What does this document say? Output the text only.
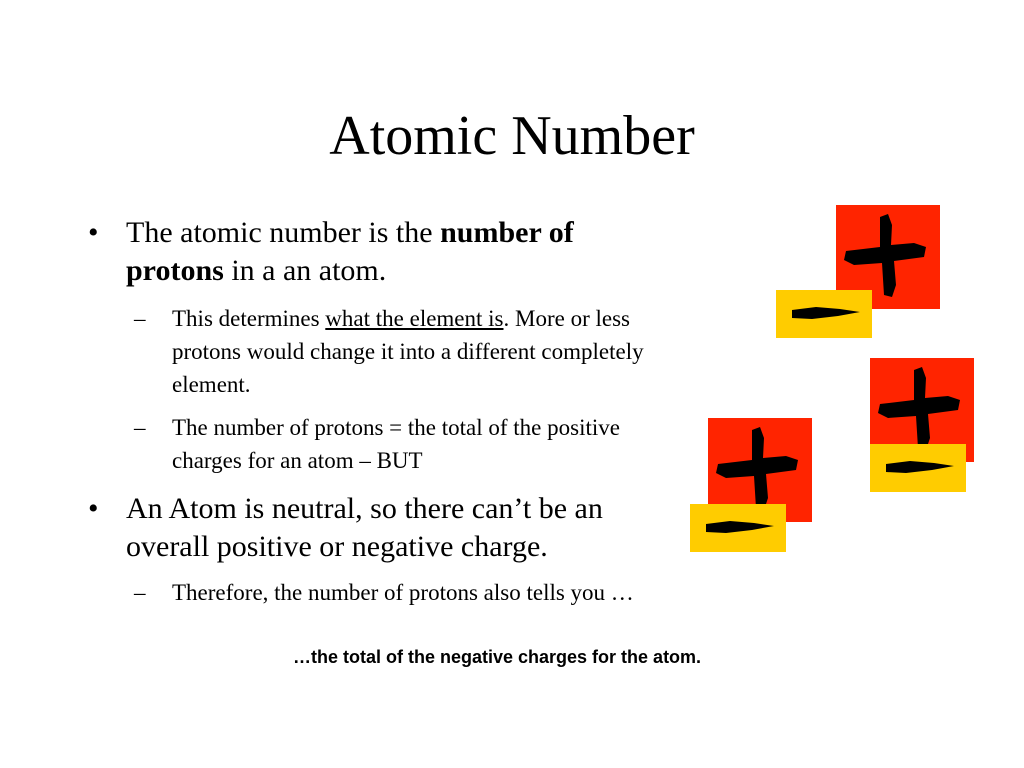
Atomic Number
• The atomic number is the number of protons in a an atom.
– This determines what the element is. More or less protons would change it into a different completely element.
– The number of protons = the total of the positive charges for an atom – BUT
• An Atom is neutral, so there can’t be an overall positive or negative charge.
– Therefore, the number of protons also tells you …
…the total of the negative charges for the atom.
